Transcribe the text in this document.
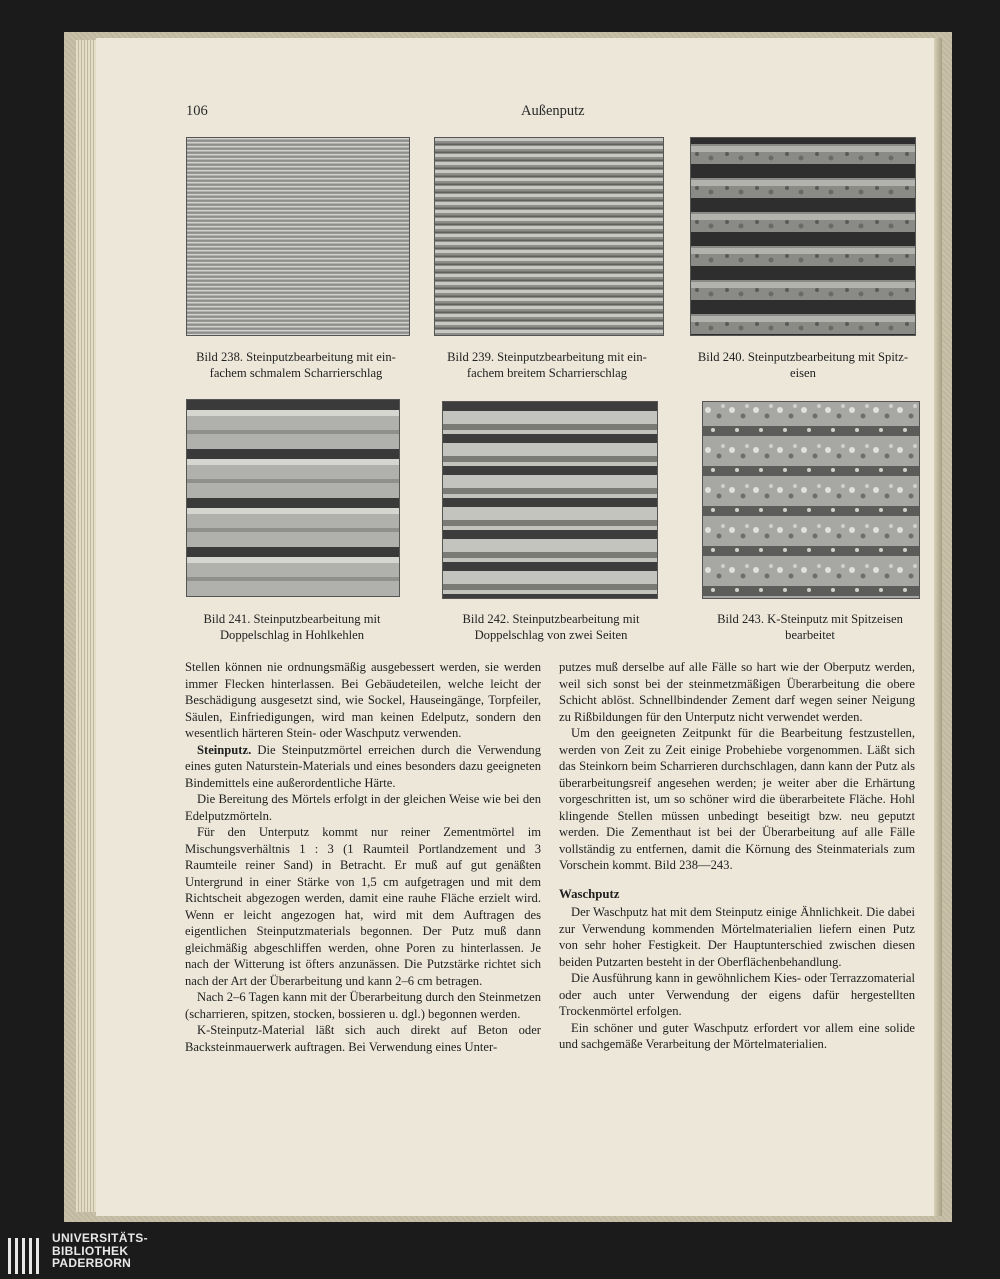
106	Außenputz
Bild 238. Steinputzbearbeitung mit ein-
fachem schmalem Scharrierschlag
Bild 239. Steinputzbearbeitung mit ein-
fachem breitem Scharrierschlag
Bild 240. Steinputzbearbeitung mit Spitz-
eisen
Bild 241. Steinputzbearbeitung mit
Doppelschlag in Hohlkehlen
Bild 242. Steinputzbearbeitung mit
Doppelschlag von zwei Seiten
Bild 243. K-Steinputz mit Spitzeisen
bearbeitet

Stellen können nie ordnungsmäßig ausgebessert werden, sie werden immer Flecken hinterlassen. Bei Gebäudeteilen, welche leicht der Beschädigung ausgesetzt sind, wie Sockel, Hauseingänge, Torpfeiler, Säulen, Einfriedigungen, wird man keinen Edelputz, sondern den wesentlich härteren Stein- oder Waschputz verwenden.

Steinputz. Die Steinputzmörtel erreichen durch die Verwendung eines guten Naturstein-Materials und eines besonders dazu geeigneten Bindemittels eine außerordentliche Härte.

Die Bereitung des Mörtels erfolgt in der gleichen Weise wie bei den Edelputzmörteln.

Für den Unterputz kommt nur reiner Zementmörtel im Mischungsverhältnis 1 : 3 (1 Raumteil Portlandzement und 3 Raumteile reiner Sand) in Betracht. Er muß auf gut genäßten Untergrund in einer Stärke von 1,5 cm aufgetragen und mit dem Richtscheit abgezogen werden, damit eine rauhe Fläche erzielt wird. Wenn er leicht angezogen hat, wird mit dem Auftragen des eigentlichen Steinputzmaterials begonnen. Der Putz muß dann gleichmäßig abgeschliffen werden, ohne Poren zu hinterlassen. Je nach der Witterung ist öfters anzunässen. Die Putzstärke richtet sich nach der Art der Überarbeitung und kann 2–6 cm betragen.

Nach 2–6 Tagen kann mit der Überarbeitung durch den Steinmetzen (scharrieren, spitzen, stocken, bossieren u. dgl.) begonnen werden.

K-Steinputz-Material läßt sich auch direkt auf Beton oder Backsteinmauerwerk auftragen. Bei Verwendung eines Unter-

putzes muß derselbe auf alle Fälle so hart wie der Oberputz werden, weil sich sonst bei der steinmetzmäßigen Überarbeitung die obere Schicht ablöst. Schnellbindender Zement darf wegen seiner Neigung zu Rißbildungen für den Unterputz nicht verwendet werden.

Um den geeigneten Zeitpunkt für die Bearbeitung festzustellen, werden von Zeit zu Zeit einige Probehiebe vorgenommen. Läßt sich das Steinkorn beim Scharrieren durchschlagen, dann kann der Putz als überarbeitungsreif angesehen werden; je weiter aber die Erhärtung vorgeschritten ist, um so schöner wird die überarbeitete Fläche. Hohl klingende Stellen müssen unbedingt beseitigt bzw. neu geputzt werden. Die Zementhaut ist bei der Überarbeitung auf alle Fälle vollständig zu entfernen, damit die Körnung des Steinmaterials zum Vorschein kommt. Bild 238—243.

Waschputz

Der Waschputz hat mit dem Steinputz einige Ähnlichkeit. Die dabei zur Verwendung kommenden Mörtelmaterialien liefern einen Putz von sehr hoher Festigkeit. Der Hauptunterschied zwischen diesen beiden Putzarten besteht in der Oberflächenbehandlung.

Die Ausführung kann in gewöhnlichem Kies- oder Terrazzomaterial oder auch unter Verwendung der eigens dafür hergestellten Trockenmörtel erfolgen.

Ein schöner und guter Waschputz erfordert vor allem eine solide und sachgemäße Verarbeitung der Mörtelmaterialien.

UNIVERSITÄTS-
BIBLIOTHEK
PADERBORN
